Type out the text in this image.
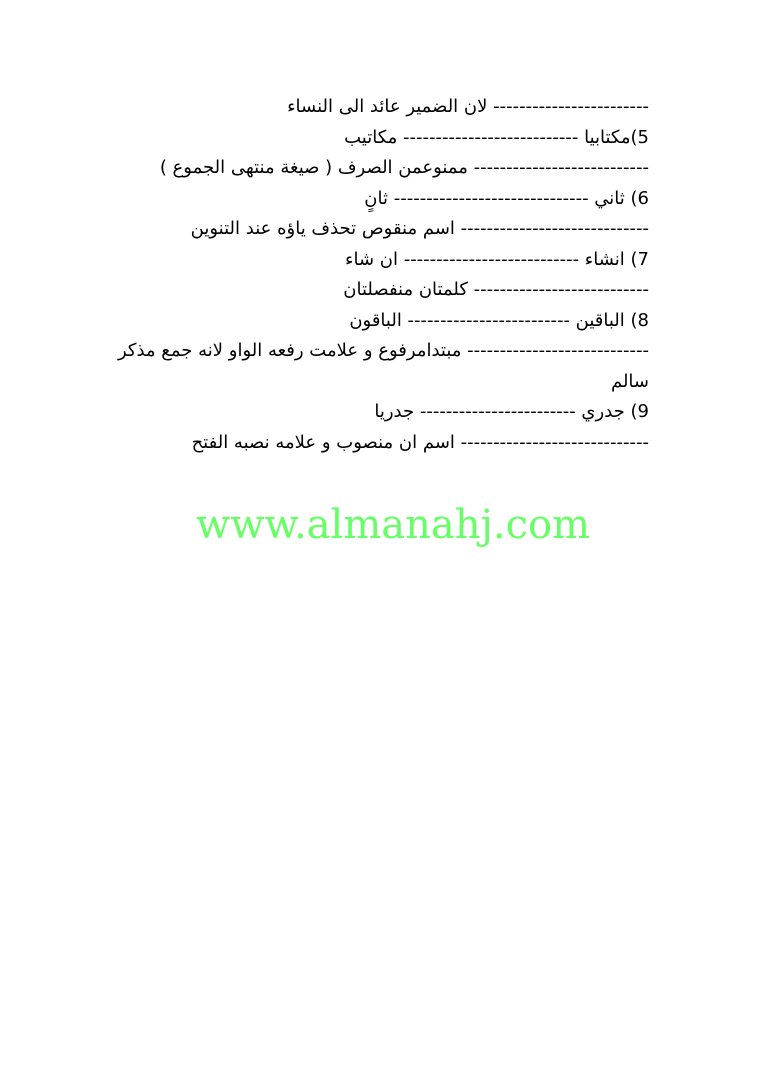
------------------------ لان الضمير عائد الى النساء
5)مكتابيا --------------------------- مكاتيب
--------------------------- ممنوعمن الصرف ( صيغة منتهى الجموع )
6) ثاني ------------------------------ ثانٍ
----------------------------- اسم منقوص تحذف ياؤه عند التنوين
7) انشاء --------------------------- ان شاء
--------------------------- كلمتان منفصلتان
8) الباقين ------------------------- الباقون
---------------------------- مبتدامرفوع و علامت رفعه الواو لانه جمع مذكر سالم
9) جدري ------------------------ جدريا
----------------------------- اسم ان منصوب و علامه نصبه الفتح
www.almanahj.com
